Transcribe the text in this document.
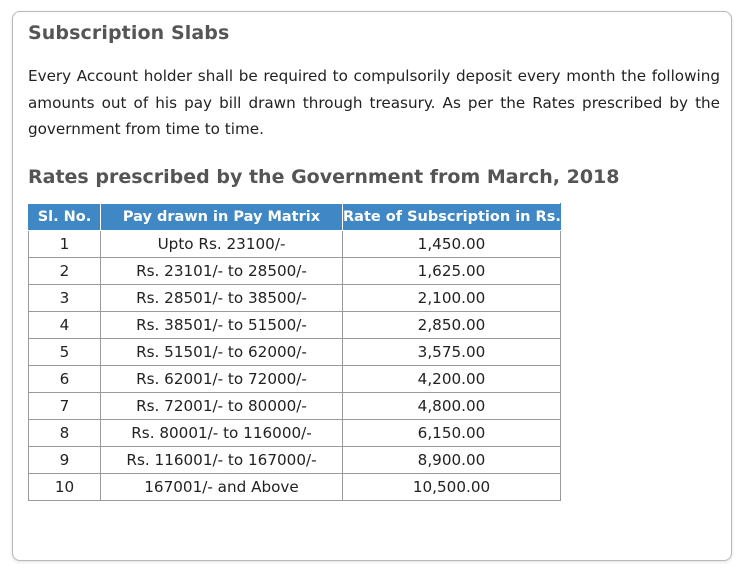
Subscription Slabs

Every Account holder shall be required to compulsorily deposit every month the following amounts out of his pay bill drawn through treasury. As per the Rates prescribed by the government from time to time.

Rates prescribed by the Government from March, 2018
Sl. No.	Pay drawn in Pay Matrix	Rate of Subscription in Rs.
1	Upto Rs. 23100/-	1,450.00
2	Rs. 23101/- to 28500/-	1,625.00
3	Rs. 28501/- to 38500/-	2,100.00
4	Rs. 38501/- to 51500/-	2,850.00
5	Rs. 51501/- to 62000/-	3,575.00
6	Rs. 62001/- to 72000/-	4,200.00
7	Rs. 72001/- to 80000/-	4,800.00
8	Rs. 80001/- to 116000/-	6,150.00
9	Rs. 116001/- to 167000/-	8,900.00
10	167001/- and Above	10,500.00
